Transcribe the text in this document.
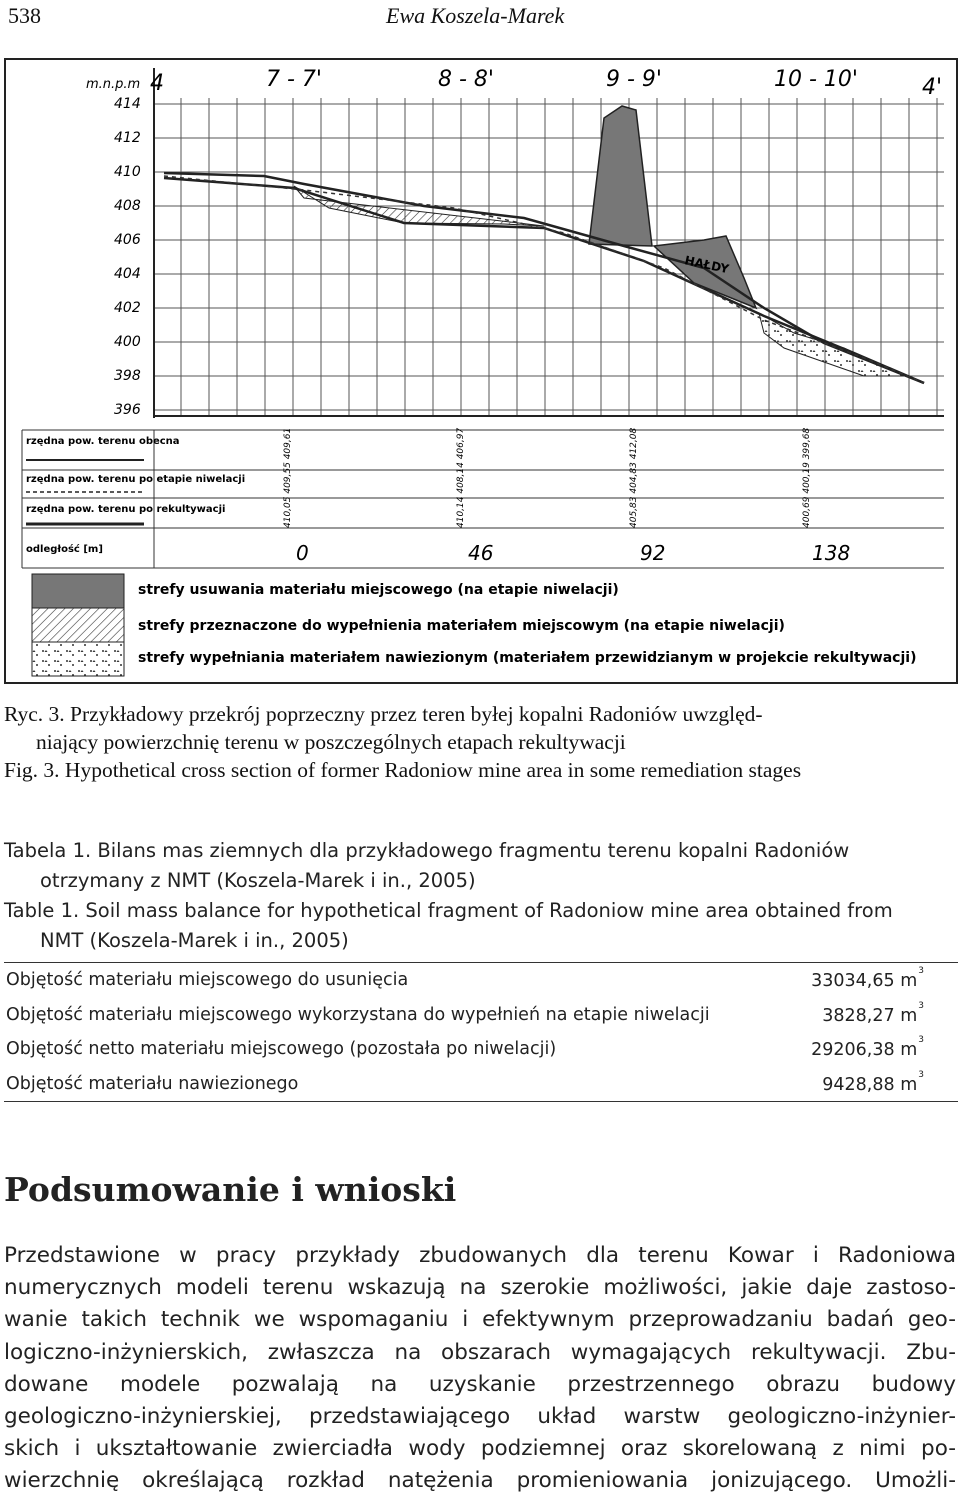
538	Ewa Koszela-Marek
m.n.p.m
414
412
410
408
406
404
402
400
398
396
4	7 - 7'	8 - 8'	9 - 9'	10 - 10'	4'
HAŁDY
rzędna pow. terenu obecna
rzędna pow. terenu po etapie niwelacji
rzędna pow. terenu po rekultywacji
odległość [m]
410,05 409,55 409,61	410,14 408,14 406,97	405,83 404,83 412,08	400,69 400,19 399,68
0	46	92	138
strefy usuwania materiału miejscowego (na etapie niwelacji)
strefy przeznaczone do wypełnienia materiałem miejscowym (na etapie niwelacji)
strefy wypełniania materiałem nawiezionym (materiałem przewidzianym w projekcie rekultywacji)

Ryc. 3. Przykładowy przekrój poprzeczny przez teren byłej kopalni Radoniów uwzględ-

niający powierzchnię terenu w poszczególnych etapach rekultywacji

Fig. 3. Hypothetical cross section of former Radoniow mine area in some remediation stages

Tabela 1. Bilans mas ziemnych dla przykładowego fragmentu terenu kopalni Radoniów
otrzymany z NMT (Koszela-Marek i in., 2005)
Table 1. Soil mass balance for hypothetical fragment of Radoniow mine area obtained from
NMT (Koszela-Marek i in., 2005)
Objętość materiału miejscowego do usunięcia	33034,65 $m^3$
Objętość materiału miejscowego wykorzystana do wypełnień na etapie niwelacji	3828,27 $m^3$
Objętość netto materiału miejscowego (pozostała po niwelacji)	29206,38 $m^3$
Objętość materiału nawiezionego	9428,88 $m^3$
Podsumowanie i wnioski
Przedstawione w pracy przykłady zbudowanych dla terenu Kowar i Radoniowa
numerycznych modeli terenu wskazują na szerokie możliwości, jakie daje zastoso-
wanie takich technik we wspomaganiu i efektywnym przeprowadzaniu badań geo-
logiczno-inżynierskich, zwłaszcza na obszarach wymagających rekultywacji. Zbu-
dowane modele pozwalają na uzyskanie przestrzennego obrazu budowy
geologiczno-inżynierskiej, przedstawiającego układ warstw geologiczno-inżynier-
skich i ukształtowanie zwierciadła wody podziemnej oraz skorelowaną z nimi po-
wierzchnię określającą rozkład natężenia promieniowania jonizującego. Umożli-
